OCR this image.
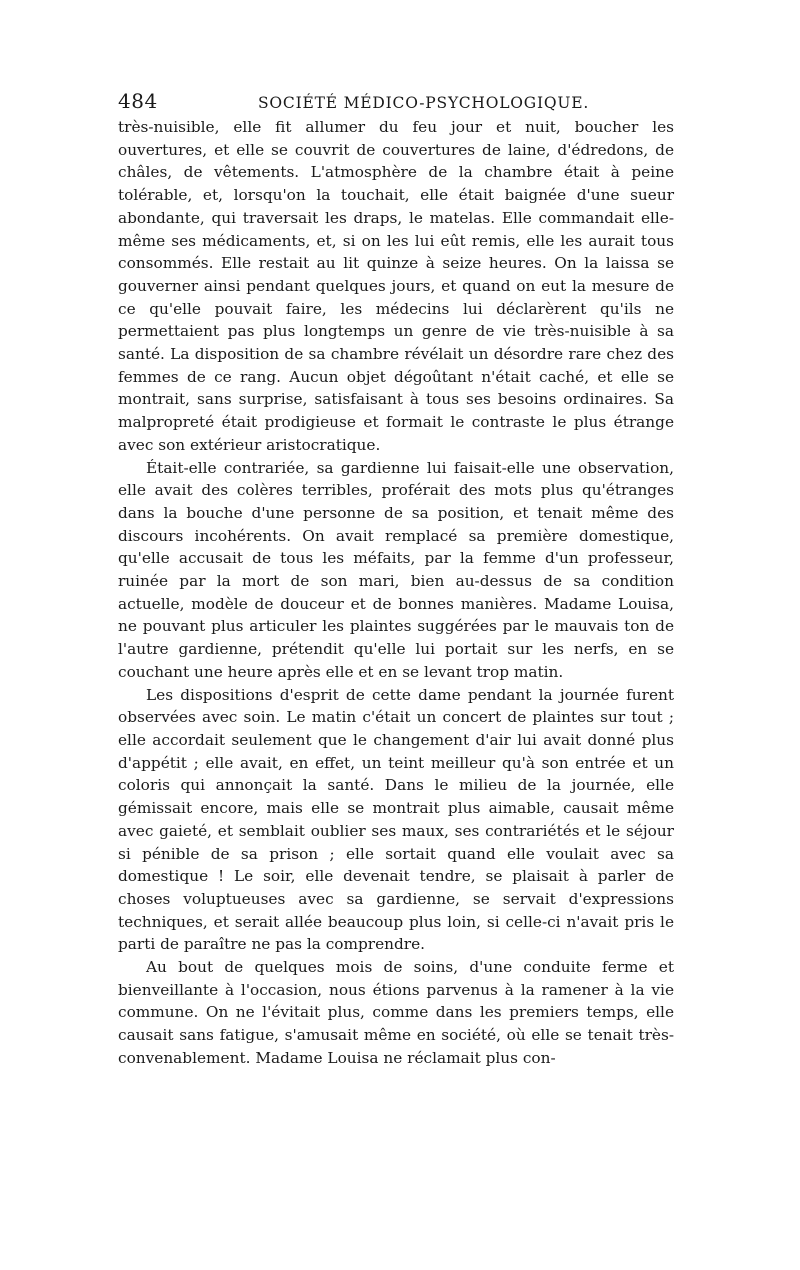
484	SOCIÉTÉ MÉDICO-PSYCHOLOGIQUE.

très-nuisible, elle fit allumer du feu jour et nuit, boucher les ouvertures, et elle se couvrit de couvertures de laine, d'édredons, de châles, de vêtements. L'atmosphère de la chambre était à peine tolérable, et, lorsqu'on la touchait, elle était baignée d'une sueur abondante, qui traversait les draps, le matelas. Elle commandait elle-même ses médicaments, et, si on les lui eût remis, elle les aurait tous consommés. Elle restait au lit quinze à seize heures. On la laissa se gouverner ainsi pendant quelques jours, et quand on eut la mesure de ce qu'elle pouvait faire, les médecins lui déclarèrent qu'ils ne permettaient pas plus longtemps un genre de vie très-nuisible à sa santé. La disposition de sa chambre révélait un désordre rare chez des femmes de ce rang. Aucun objet dégoûtant n'était caché, et elle se montrait, sans surprise, satisfaisant à tous ses besoins ordinaires. Sa malpropreté était prodigieuse et formait le contraste le plus étrange avec son extérieur aristocratique.

Était-elle contrariée, sa gardienne lui faisait-elle une observation, elle avait des colères terribles, proférait des mots plus qu'étranges dans la bouche d'une personne de sa position, et tenait même des discours incohérents. On avait remplacé sa première domestique, qu'elle accusait de tous les méfaits, par la femme d'un professeur, ruinée par la mort de son mari, bien au-dessus de sa condition actuelle, modèle de douceur et de bonnes manières. Madame Louisa, ne pouvant plus articuler les plaintes suggérées par le mauvais ton de l'autre gardienne, prétendit qu'elle lui portait sur les nerfs, en se couchant une heure après elle et en se levant trop matin.

Les dispositions d'esprit de cette dame pendant la journée furent observées avec soin. Le matin c'était un concert de plaintes sur tout ; elle accordait seulement que le changement d'air lui avait donné plus d'appétit ; elle avait, en effet, un teint meilleur qu'à son entrée et un coloris qui annonçait la santé. Dans le milieu de la journée, elle gémissait encore, mais elle se montrait plus aimable, causait même avec gaieté, et semblait oublier ses maux, ses contrariétés et le séjour si pénible de sa prison ; elle sortait quand elle voulait avec sa domestique ! Le soir, elle devenait tendre, se plaisait à parler de choses voluptueuses avec sa gardienne, se servait d'expressions techniques, et serait allée beaucoup plus loin, si celle-ci n'avait pris le parti de paraître ne pas la comprendre.

Au bout de quelques mois de soins, d'une conduite ferme et bienveillante à l'occasion, nous étions parvenus à la ramener à la vie commune. On ne l'évitait plus, comme dans les premiers temps, elle causait sans fatigue, s'amusait même en société, où elle se tenait très-convenablement. Madame Louisa ne réclamait plus con-
